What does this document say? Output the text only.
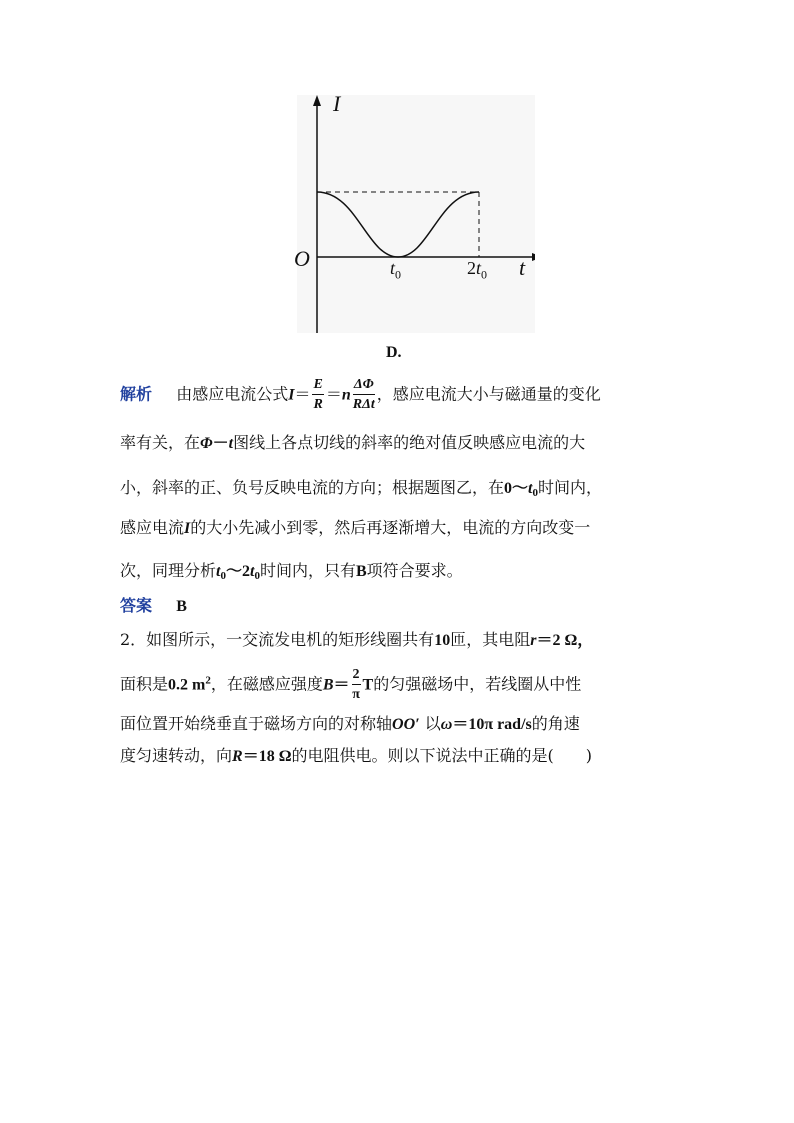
I
t
O	$t_0$	$2t_0$
D.
解析 由感应电流公式$I= \frac{E}{R} =n \frac{\Delta\Phi}{\text{RΔt}}$ ，感应电流大小与磁通量的变化
率有关，在Φ－t图线上各点切线的斜率的绝对值反映感应电流的大
小，斜率的正、负号反映电流的方向；根据题图乙，在$0\sim t_0$时间内，
感应电流I的大小先减小到零，然后再逐渐增大，电流的方向改变一
次，同理分析$t_0\sim 2t_0$时间内，只有B项符合要求。
答案 B
2．如图所示，一交流发电机的矩形线圈共有10匝，其电阻r＝2 Ω，
面积是0.2 $m^2$，在磁感应强度$B= \frac{2}{\pi}$ T的匀强磁场中，若线圈从中性
面位置开始绕垂直于磁场方向的对称轴OO′ 以ω＝10π rad/s的角速
度匀速转动，向R＝18 Ω的电阻供电。则以下说法中正确的是(　　)
